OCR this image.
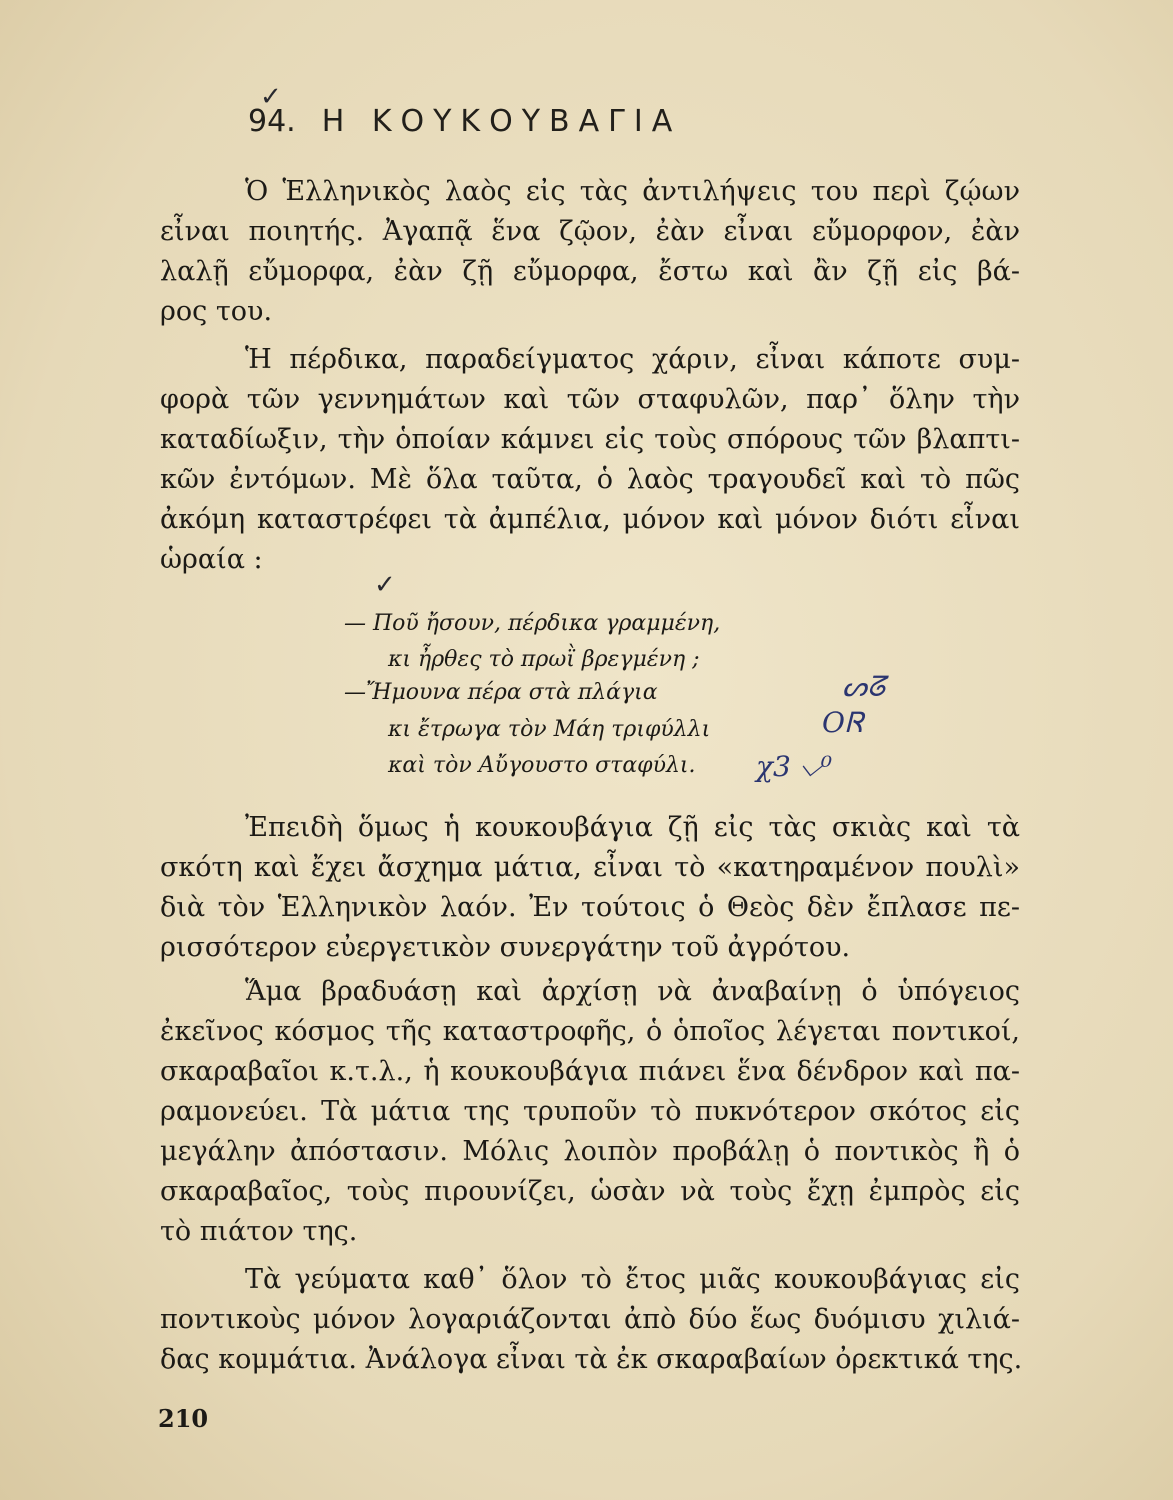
✓
94. Η ΚΟΥΚΟΥΒΑΓΙΑ
Ὁ Ἑλληνικὸς λαὸς εἰς τὰς ἀντιλήψεις του περὶ ζῴων
εἶναι ποιητής. Ἀγαπᾷ ἕνα ζῷον, ἐὰν εἶναι εὔμορφον, ἐὰν
λαλῇ εὔμορφα, ἐὰν ζῇ εὔμορφα, ἔστω καὶ ἂν ζῇ εἰς βά-
ρος του.
Ἡ πέρδικα, παραδείγματος χάριν, εἶναι κάποτε συμ-
φορὰ τῶν γεννημάτων καὶ τῶν σταφυλῶν, παρ᾽ ὅλην τὴν
καταδίωξιν, τὴν ὁποίαν κάμνει εἰς τοὺς σπόρους τῶν βλαπτι-
κῶν ἐντόμων. Μὲ ὅλα ταῦτα, ὁ λαὸς τραγουδεῖ καὶ τὸ πῶς
ἀκόμη καταστρέφει τὰ ἀμπέλια, μόνον καὶ μόνον διότι εἶναι
ὡραία :
✓
— Ποῦ ἤσουν, πέρδικα γραμμένη,
κι ἦρθες τὸ πρωῒ βρεγμένη ;
—Ἤμουνα πέρα στὰ πλάγια
κι ἔτρωγα τὸν Μάη τριφύλλι
καὶ τὸν Αὔγουστο σταφύλι.
ᔕᘔ
ΟᏒ
χ3 ⌵⁰
Ἐπειδὴ ὅμως ἡ κουκουβάγια ζῇ εἰς τὰς σκιὰς καὶ τὰ
σκότη καὶ ἔχει ἄσχημα μάτια, εἶναι τὸ «κατηραμένον πουλὶ»
διὰ τὸν Ἑλληνικὸν λαόν. Ἐν τούτοις ὁ Θεὸς δὲν ἔπλασε πε-
ρισσότερον εὐεργετικὸν συνεργάτην τοῦ ἀγρότου.
Ἅμα βραδυάσῃ καὶ ἀρχίσῃ νὰ ἀναβαίνῃ ὁ ὑπόγειος
ἐκεῖνος κόσμος τῆς καταστροφῆς, ὁ ὁποῖος λέγεται ποντικοί,
σκαραβαῖοι κ.τ.λ., ἡ κουκουβάγια πιάνει ἕνα δένδρον καὶ πα-
ραμονεύει. Τὰ μάτια της τρυποῦν τὸ πυκνότερον σκότος εἰς
μεγάλην ἀπόστασιν. Μόλις λοιπὸν προβάλῃ ὁ ποντικὸς ἢ ὁ
σκαραβαῖος, τοὺς πιρουνίζει, ὡσὰν νὰ τοὺς ἔχῃ ἐμπρὸς εἰς
τὸ πιάτον της.
Τὰ γεύματα καθ᾽ ὅλον τὸ ἔτος μιᾶς κουκουβάγιας εἰς
ποντικοὺς μόνον λογαριάζονται ἀπὸ δύο ἕως δυόμισυ χιλιά-
δας κομμάτια. Ἀνάλογα εἶναι τὰ ἐκ σκαραβαίων ὀρεκτικά της.
210
